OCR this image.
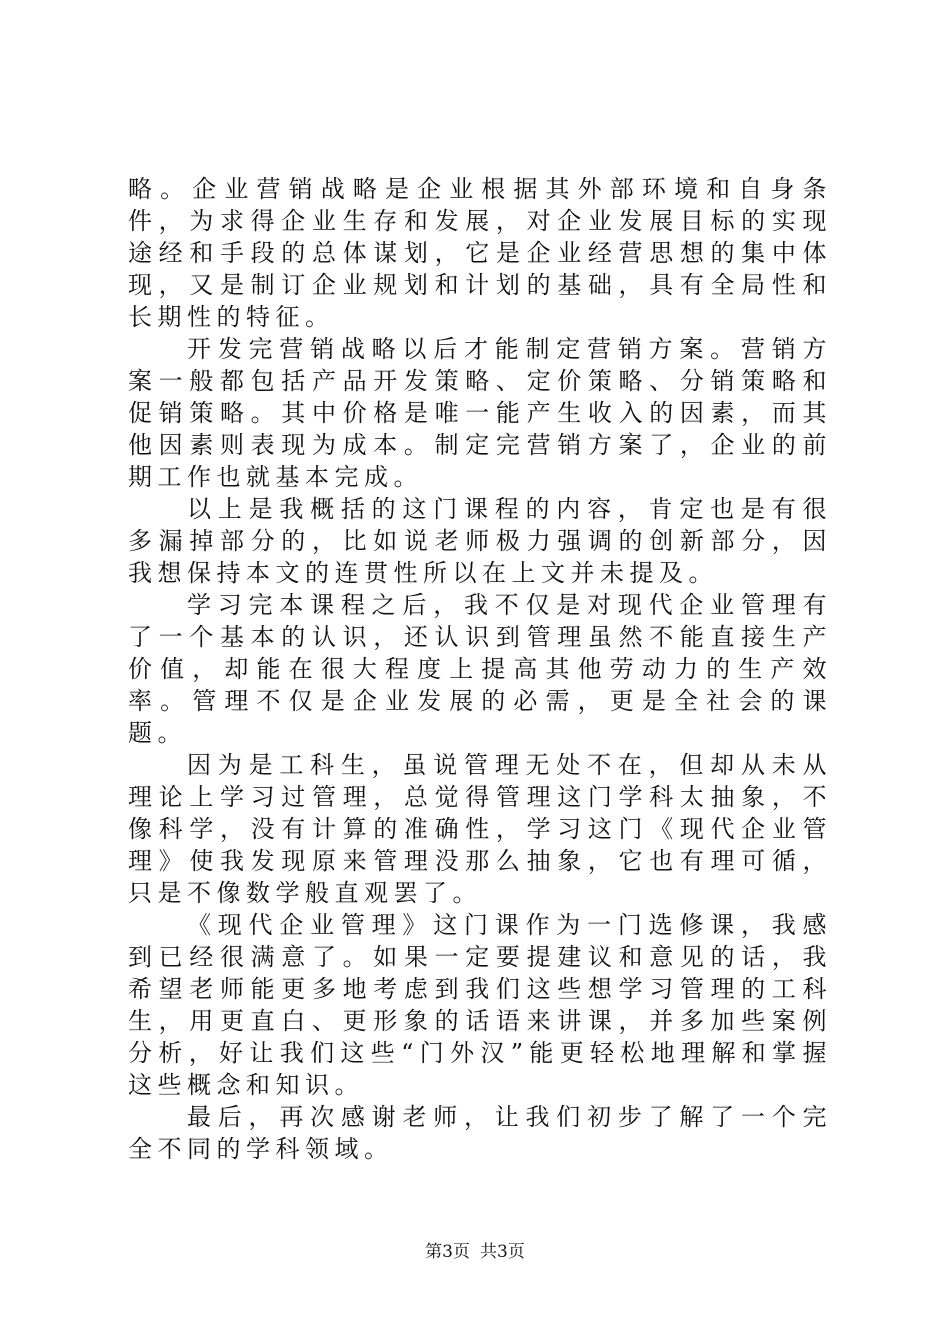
略。企业营销战略是企业根据其外部环境和自身条件，为求得企业生存和发展，对企业发展目标的实现途经和手段的总体谋划，它是企业经营思想的集中体现，又是制订企业规划和计划的基础，具有全局性和长期性的特征。

开发完营销战略以后才能制定营销方案。营销方案一般都包括产品开发策略、定价策略、分销策略和促销策略。其中价格是唯一能产生收入的因素，而其他因素则表现为成本。制定完营销方案了，企业的前期工作也就基本完成。

以上是我概括的这门课程的内容，肯定也是有很多漏掉部分的，比如说老师极力强调的创新部分，因我想保持本文的连贯性所以在上文并未提及。

学习完本课程之后，我不仅是对现代企业管理有了一个基本的认识，还认识到管理虽然不能直接生产价值，却能在很大程度上提高其他劳动力的生产效率。管理不仅是企业发展的必需，更是全社会的课题。

因为是工科生，虽说管理无处不在，但却从未从理论上学习过管理，总觉得管理这门学科太抽象，不像科学，没有计算的准确性，学习这门《现代企业管理》使我发现原来管理没那么抽象，它也有理可循，只是不像数学般直观罢了。

《现代企业管理》这门课作为一门选修课，我感到已经很满意了。如果一定要提建议和意见的话，我希望老师能更多地考虑到我们这些想学习管理的工科生，用更直白、更形象的话语来讲课，并多加些案例分析，好让我们这些“门外汉”能更轻松地理解和掌握这些概念和知识。

最后，再次感谢老师，让我们初步了解了一个完全不同的学科领域。

第3页 共3页
